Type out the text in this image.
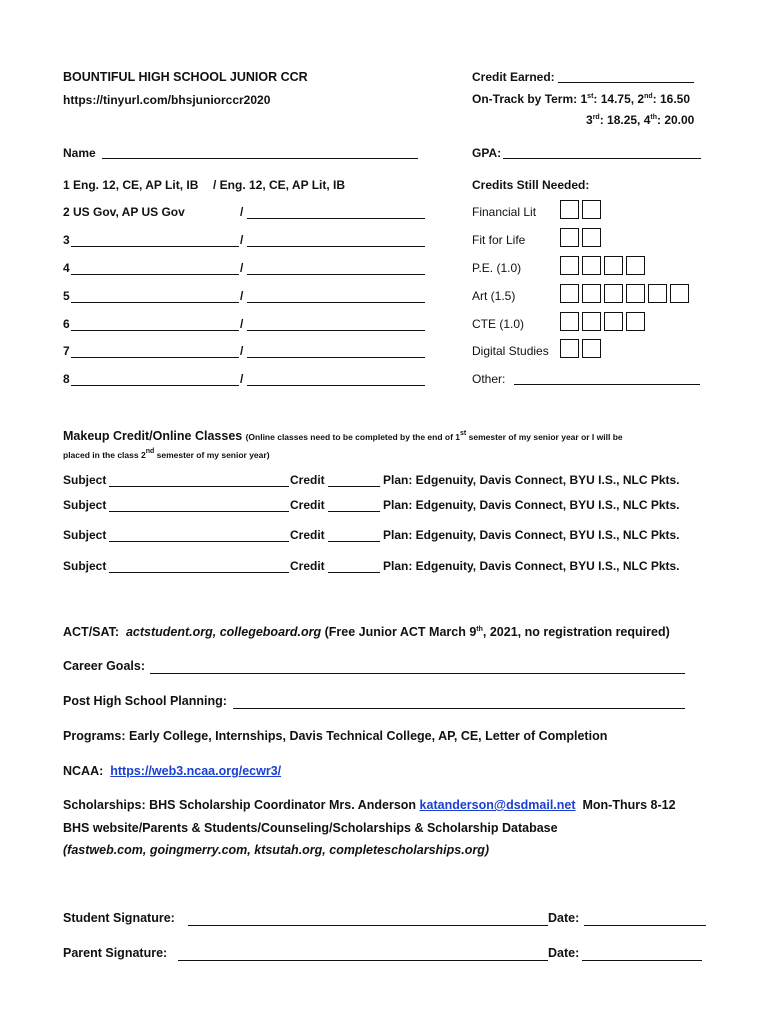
BOUNTIFUL HIGH SCHOOL JUNIOR CCR
https://tinyurl.com/bhsjuniorccr2020
Credit Earned:
On-Track by Term: 1st: 14.75, 2nd: 16.50
3rd: 18.25, 4th: 20.00
Name	GPA:
1 Eng. 12, CE, AP Lit, IB / Eng. 12, CE, AP Lit, IB
2 US Gov, AP US Gov	/
3	/
4	/
5	/
6	/
7	/
8	/
Credits Still Needed:
Financial Lit
Fit for Life
P.E. (1.0)
Art (1.5)
CTE (1.0)
Digital Studies
Other:
Makeup Credit/Online Classes (Online classes need to be completed by the end of 1st semester of my senior year or I will be
placed in the class 2nd semester of my senior year)
Subject	Credit	Plan: Edgenuity, Davis Connect, BYU I.S., NLC Pkts.
Subject	Credit	Plan: Edgenuity, Davis Connect, BYU I.S., NLC Pkts.
Subject	Credit	Plan: Edgenuity, Davis Connect, BYU I.S., NLC Pkts.
Subject	Credit	Plan: Edgenuity, Davis Connect, BYU I.S., NLC Pkts.
ACT/SAT: actstudent.org, collegeboard.org (Free Junior ACT March 9th, 2021, no registration required)
Career Goals:
Post High School Planning:
Programs: Early College, Internships, Davis Technical College, AP, CE, Letter of Completion
NCAA: https://web3.ncaa.org/ecwr3/
Scholarships: BHS Scholarship Coordinator Mrs. Anderson katanderson@dsdmail.net Mon-Thurs 8-12
BHS website/Parents & Students/Counseling/Scholarships & Scholarship Database
(fastweb.com, goingmerry.com, ktsutah.org, completescholarships.org)
Student Signature:	Date:
Parent Signature:	Date:
